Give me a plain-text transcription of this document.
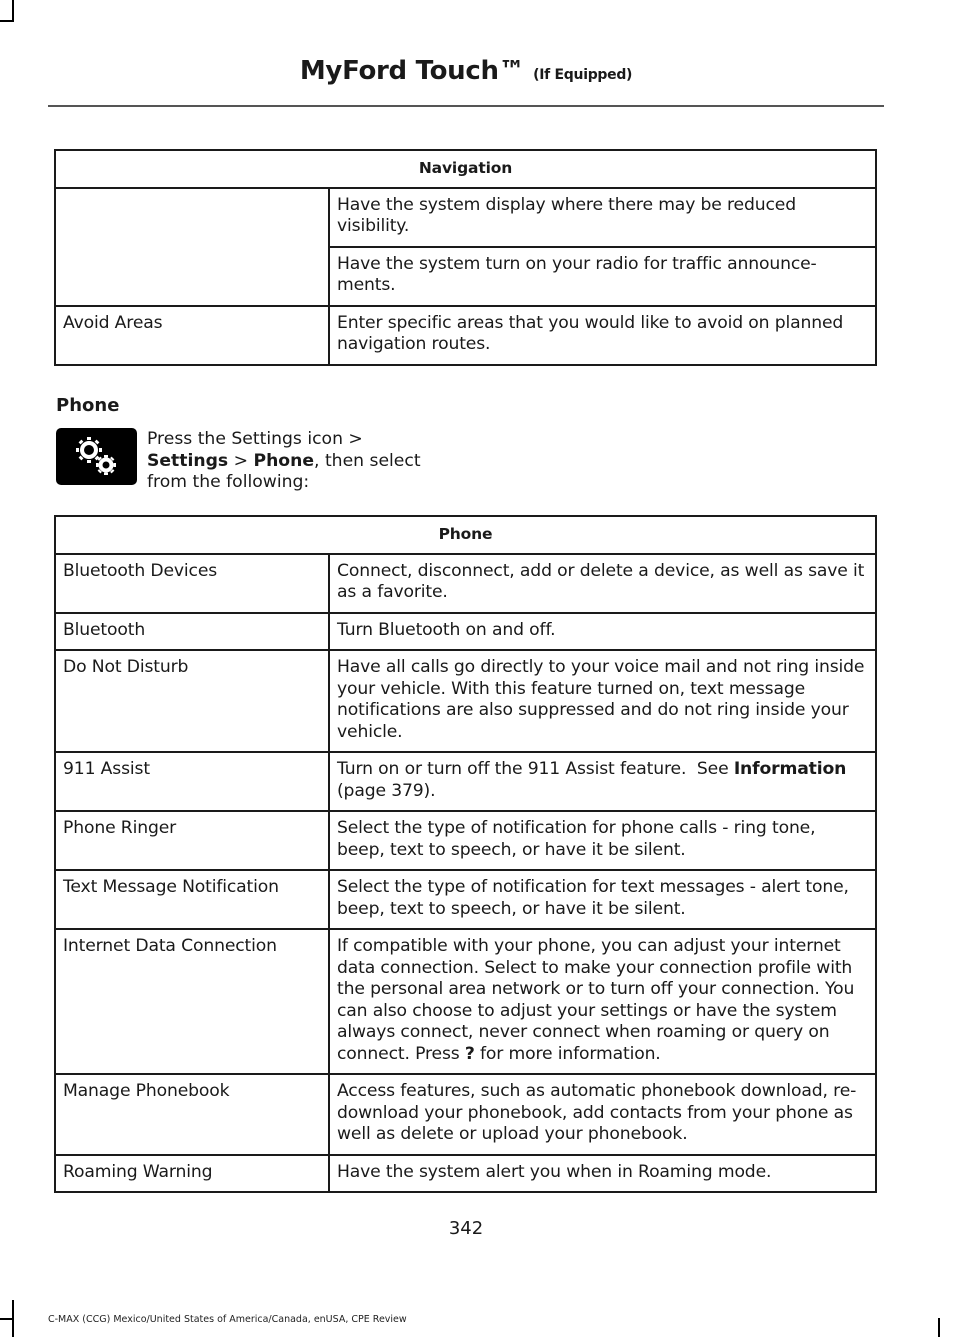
MyFord Touch™ (If Equipped)
Navigation	
	Have the system display where there may be reduced visibility.
	Have the system turn on your radio for traffic announce-ments.
Avoid Areas	Enter specific areas that you would like to avoid on planned navigation routes.
Phone
Press the Settings icon >
Settings > Phone, then select from the following:
Phone	
Bluetooth Devices	Connect, disconnect, add or delete a device, as well as save it as a favorite.
Bluetooth	Turn Bluetooth on and off.
Do Not Disturb	Have all calls go directly to your voice mail and not ring inside your vehicle. With this feature turned on, text message notifications are also suppressed and do not ring inside your vehicle.
911 Assist	Turn on or turn off the 911 Assist feature.  See Information (page 379).
Phone Ringer	Select the type of notification for phone calls - ring tone, beep, text to speech, or have it be silent.
Text Message Notification	Select the type of notification for text messages - alert tone, beep, text to speech, or have it be silent.
Internet Data Connection	If compatible with your phone, you can adjust your internet data connection. Select to make your connection profile with the personal area network or to turn off your connection. You can also choose to adjust your settings or have the system always connect, never connect when roaming or query on connect. Press ? for more information.
Manage Phonebook	Access features, such as automatic phonebook download, re-download your phonebook, add contacts from your phone as well as delete or upload your phonebook.
Roaming Warning	Have the system alert you when in Roaming mode.
342
C-MAX (CCG) Mexico/United States of America/Canada, enUSA, CPE Review
